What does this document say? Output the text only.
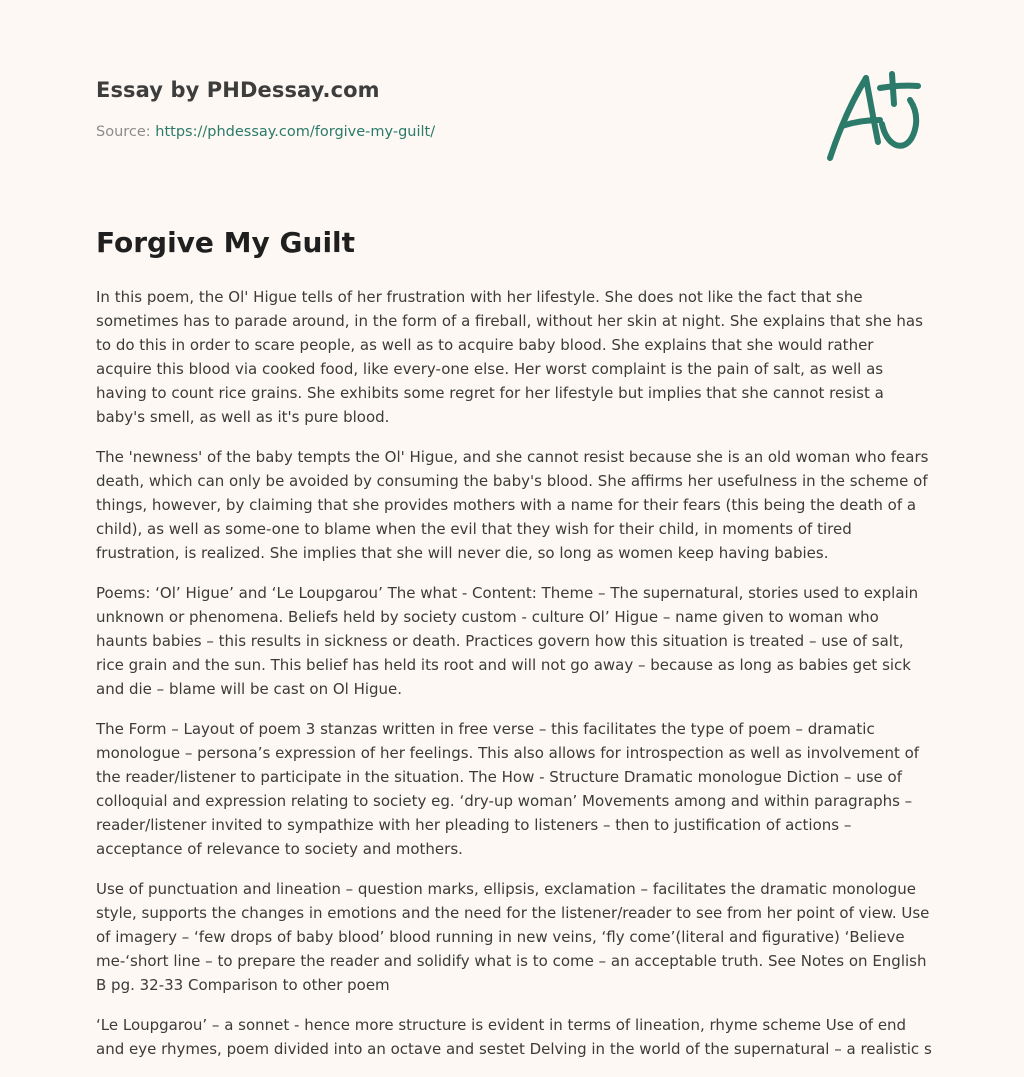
Essay by PHDessay.com
Source: https://phdessay.com/forgive-my-guilt/
Forgive My Guilt

In this poem, the Ol' Higue tells of her frustration with her lifestyle. She does not like the fact that she sometimes has to parade around, in the form of a fireball, without her skin at night. She explains that she has to do this in order to scare people, as well as to acquire baby blood. She explains that she would rather acquire this blood via cooked food, like every-one else. Her worst complaint is the pain of salt, as well as having to count rice grains. She exhibits some regret for her lifestyle but implies that she cannot resist a baby's smell, as well as it's pure blood.

The 'newness' of the baby tempts the Ol' Higue, and she cannot resist because she is an old woman who fears death, which can only be avoided by consuming the baby's blood. She affirms her usefulness in the scheme of things, however, by claiming that she provides mothers with a name for their fears (this being the death of a child), as well as some-one to blame when the evil that they wish for their child, in moments of tired frustration, is realized. She implies that she will never die, so long as women keep having babies.

Poems: ‘Ol’ Higue’ and ‘Le Loupgarou’ The what - Content: Theme – The supernatural, stories used to explain unknown or phenomena. Beliefs held by society custom - culture Ol’ Higue – name given to woman who haunts babies – this results in sickness or death. Practices govern how this situation is treated – use of salt, rice grain and the sun. This belief has held its root and will not go away – because as long as babies get sick and die – blame will be cast on Ol Higue.

The Form – Layout of poem 3 stanzas written in free verse – this facilitates the type of poem – dramatic monologue – persona’s expression of her feelings. This also allows for introspection as well as involvement of the reader/listener to participate in the situation. The How - Structure Dramatic monologue Diction – use of colloquial and expression relating to society eg. ‘dry-up woman’ Movements among and within paragraphs – reader/listener invited to sympathize with her pleading to listeners – then to justification of actions – acceptance of relevance to society and mothers.

Use of punctuation and lineation – question marks, ellipsis, exclamation – facilitates the dramatic monologue style, supports the changes in emotions and the need for the listener/reader to see from her point of view. Use of imagery – ‘few drops of baby blood’ blood running in new veins, ‘fly come’(literal and figurative) ‘Believe me-‘short line – to prepare the reader and solidify what is to come – an acceptable truth. See Notes on English B pg. 32-33 Comparison to other poem

‘Le Loupgarou’ – a sonnet - hence more structure is evident in terms of lineation, rhyme scheme Use of end and eye rhymes, poem divided into an octave and sestet Delving in the world of the supernatural – a realistic s
